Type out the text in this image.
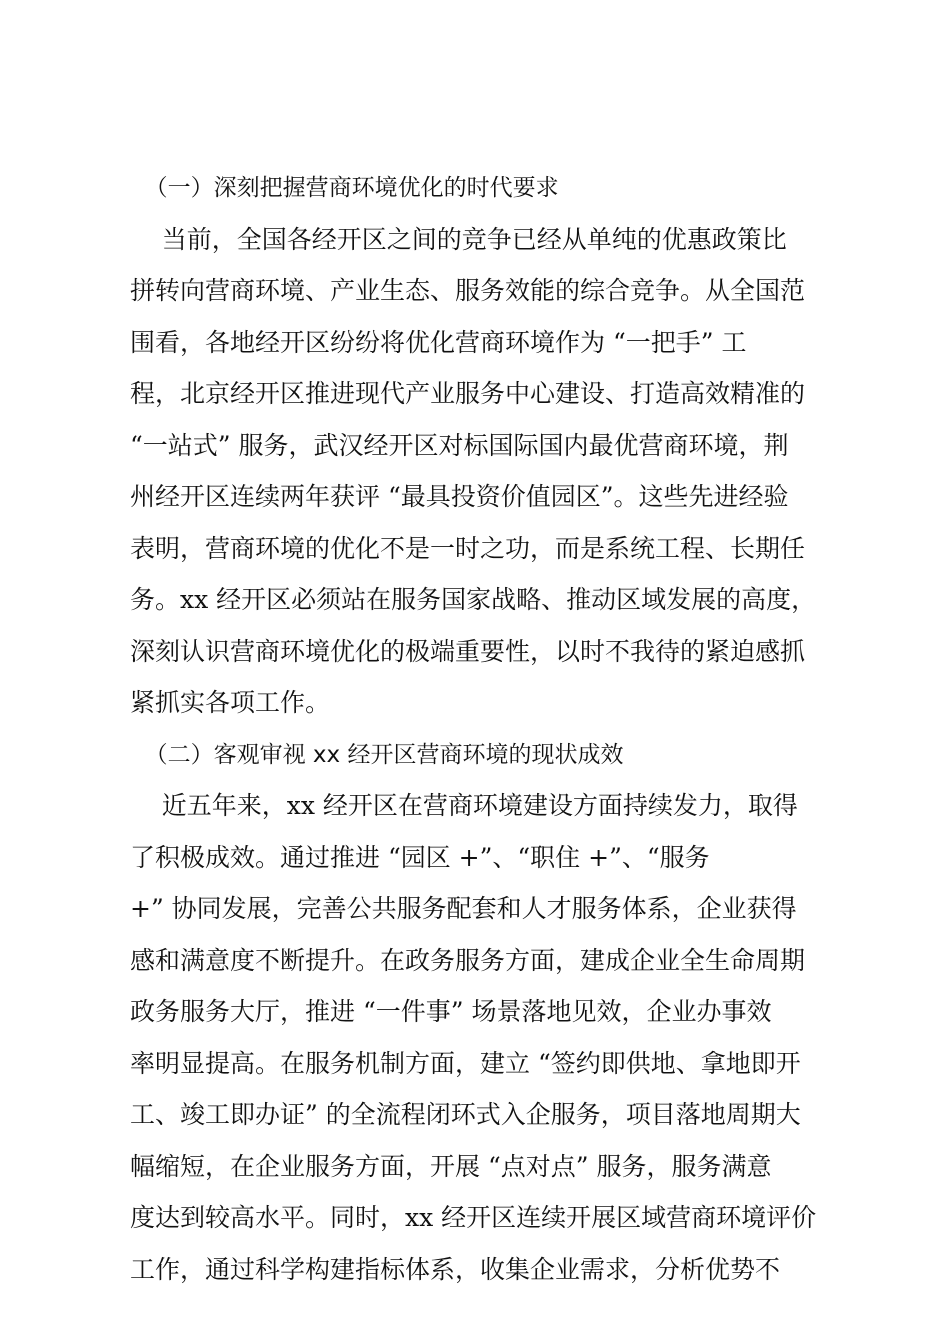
（一）深刻把握营商环境优化的时代要求
当前，全国各经开区之间的竞争已经从单纯的优惠政策比
拼转向营商环境、产业生态、服务效能的综合竞争。从全国范
围看，各地经开区纷纷将优化营商环境作为 “一把手” 工
程，北京经开区推进现代产业服务中心建设、打造高效精准的
“一站式” 服务，武汉经开区对标国际国内最优营商环境，荆
州经开区连续两年获评 “最具投资价值园区”。这些先进经验
表明，营商环境的优化不是一时之功，而是系统工程、长期任
务。xx 经开区必须站在服务国家战略、推动区域发展的高度，
深刻认识营商环境优化的极端重要性，以时不我待的紧迫感抓
紧抓实各项工作。
（二）客观审视 xx 经开区营商环境的现状成效
近五年来，xx 经开区在营商环境建设方面持续发力，取得
了积极成效。通过推进 “园区 +”、“职住 +”、“服务
+” 协同发展，完善公共服务配套和人才服务体系，企业获得
感和满意度不断提升。在政务服务方面，建成企业全生命周期
政务服务大厅，推进 “一件事” 场景落地见效，企业办事效
率明显提高。在服务机制方面，建立 “签约即供地、拿地即开
工、竣工即办证” 的全流程闭环式入企服务，项目落地周期大
幅缩短，在企业服务方面，开展 “点对点” 服务，服务满意
度达到较高水平。同时，xx 经开区连续开展区域营商环境评价
工作，通过科学构建指标体系，收集企业需求，分析优势不
